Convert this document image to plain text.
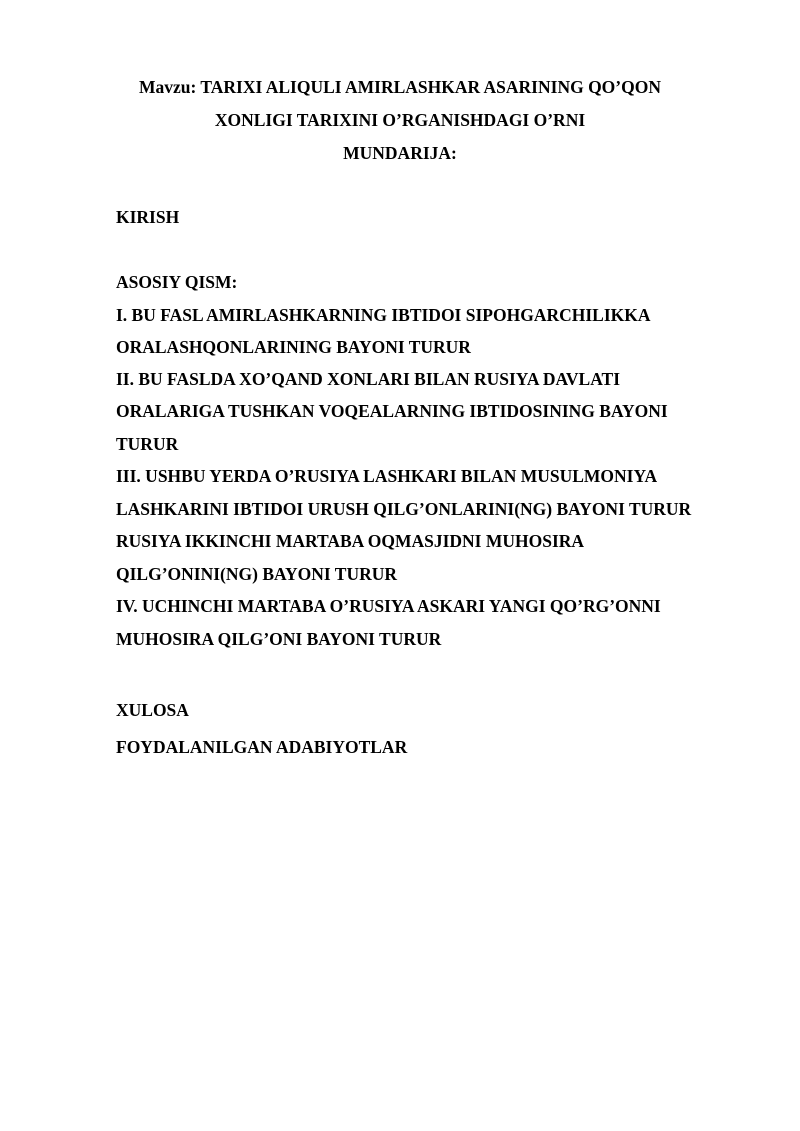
Mavzu: TARIXI ALIQULI AMIRLASHKAR ASARINING QO’QON
XONLIGI TARIXINI O’RGANISHDAGI O’RNI
MUNDARIJA:
KIRISH
ASOSIY QISM:
I. BU FASL AMIRLASHKARNING IBTIDOI SIPOHGARCHILIKKA
ORALASHQONLARINING BAYONI TURUR
II. BU FASLDA XO’QAND XONLARI BILAN RUSIYA DAVLATI
ORALARIGA TUSHKAN VOQEALARNING IBTIDOSINING BAYONI
TURUR
III. USHBU YERDA O’RUSIYA LASHKARI BILAN MUSULMONIYA
LASHKARINI IBTIDOI URUSH QILG’ONLARINI(NG) BAYONI TURUR
RUSIYA IKKINCHI MARTABA OQMASJIDNI MUHOSIRA
QILG’ONINI(NG) BAYONI TURUR
IV. UCHINCHI MARTABA O’RUSIYA ASKARI YANGI QO’RG’ONNI
MUHOSIRA QILG’ONI BAYONI TURUR
XULOSA
FOYDALANILGAN ADABIYOTLAR
